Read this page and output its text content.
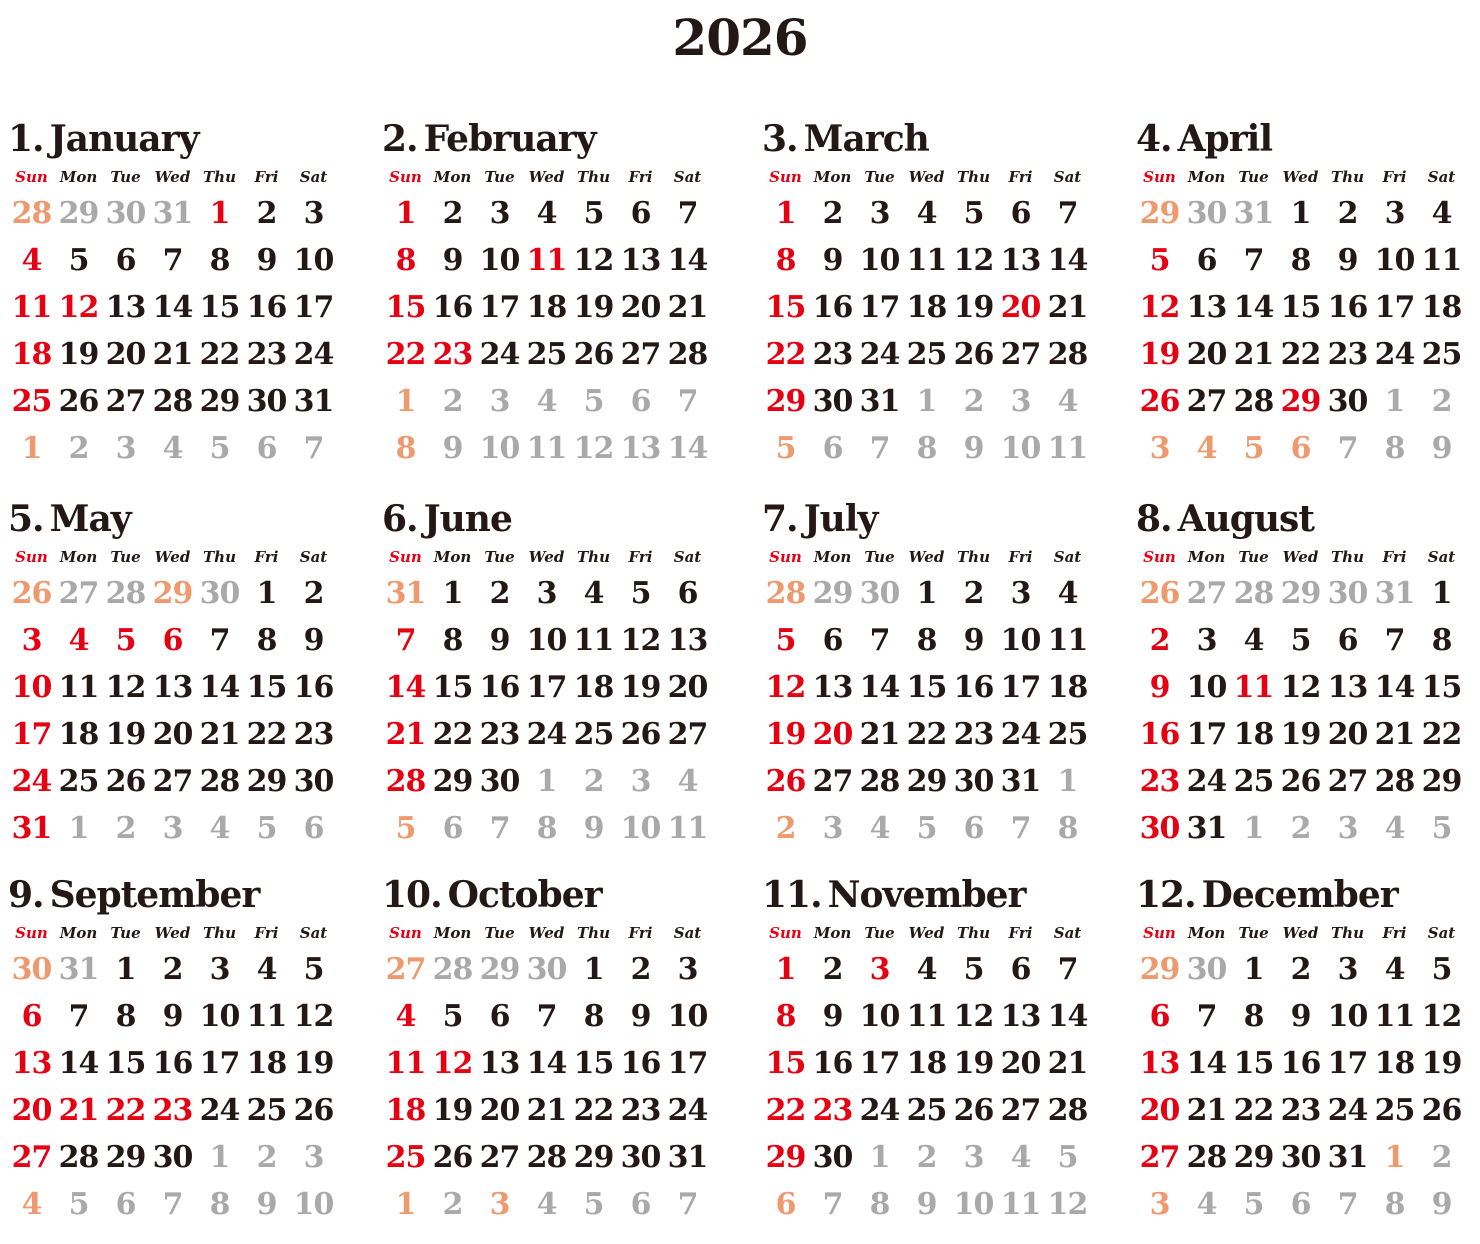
2026
1. January
Sun Mon Tue Wed Thu	Fri	Sat
28 29 30 31 1 2 3
4 5 6 7 8 9 10
11 12 13 14 15 16 17
18 19 20 21 22 23 24
25 26 27 28 29 30 31
1 2 3 4 5 6 7
2. February
Sun Mon Tue Wed Thu	Fri	Sat
1 2 3 4 5 6 7
8 9 10 11 12 13 14
15 16 17 18 19 20 21
22 23 24 25 26 27 28
1 2 3 4 5 6 7
8 9 10 11 12 13 14
3. March
Sun Mon Tue Wed Thu	Fri	Sat
1 2 3 4 5 6 7
8 9 10 11 12 13 14
15 16 17 18 19 20 21
22 23 24 25 26 27 28
29 30 31 1 2 3 4
5 6 7 8 9 10 11
4. April
Sun Mon Tue Wed Thu	Fri	Sat
29 30 31 1 2 3 4
5 6 7 8 9 10 11
12 13 14 15 16 17 18
19 20 21 22 23 24 25
26 27 28 29 30 1 2
3 4 5 6 7 8 9
5. May
Sun Mon Tue Wed Thu	Fri	Sat
26 27 28 29 30 1 2
3 4 5 6 7 8 9
10 11 12 13 14 15 16
17 18 19 20 21 22 23
24 25 26 27 28 29 30
31 1 2 3 4 5 6
6. June
Sun Mon Tue Wed Thu	Fri	Sat
31 1 2 3 4 5 6
7 8 9 10 11 12 13
14 15 16 17 18 19 20
21 22 23 24 25 26 27
28 29 30 1 2 3 4
5 6 7 8 9 10 11
7. July
Sun Mon Tue Wed Thu	Fri	Sat
28 29 30 1 2 3 4
5 6 7 8 9 10 11
12 13 14 15 16 17 18
19 20 21 22 23 24 25
26 27 28 29 30 31 1
2 3 4 5 6 7 8
8. August
Sun Mon Tue Wed Thu	Fri	Sat
26 27 28 29 30 31 1
2 3 4 5 6 7 8
9 10 11 12 13 14 15
16 17 18 19 20 21 22
23 24 25 26 27 28 29
30 31 1 2 3 4 5
9. September
Sun Mon Tue Wed Thu	Fri	Sat
30 31 1 2 3 4 5
6 7 8 9 10 11 12
13 14 15 16 17 18 19
20 21 22 23 24 25 26
27 28 29 30 1 2 3
4 5 6 7 8 9 10
10. October
Sun Mon Tue Wed Thu	Fri	Sat
27 28 29 30 1 2 3
4 5 6 7 8 9 10
11 12 13 14 15 16 17
18 19 20 21 22 23 24
25 26 27 28 29 30 31
1 2 3 4 5 6 7
11. November
Sun Mon Tue Wed Thu	Fri	Sat
1 2 3 4 5 6 7
8 9 10 11 12 13 14
15 16 17 18 19 20 21
22 23 24 25 26 27 28
29 30 1 2 3 4 5
6 7 8 9 10 11 12
12. December
Sun Mon Tue Wed Thu	Fri	Sat
29 30 1 2 3 4 5
6 7 8 9 10 11 12
13 14 15 16 17 18 19
20 21 22 23 24 25 26
27 28 29 30 31 1 2
3 4 5 6 7 8 9
